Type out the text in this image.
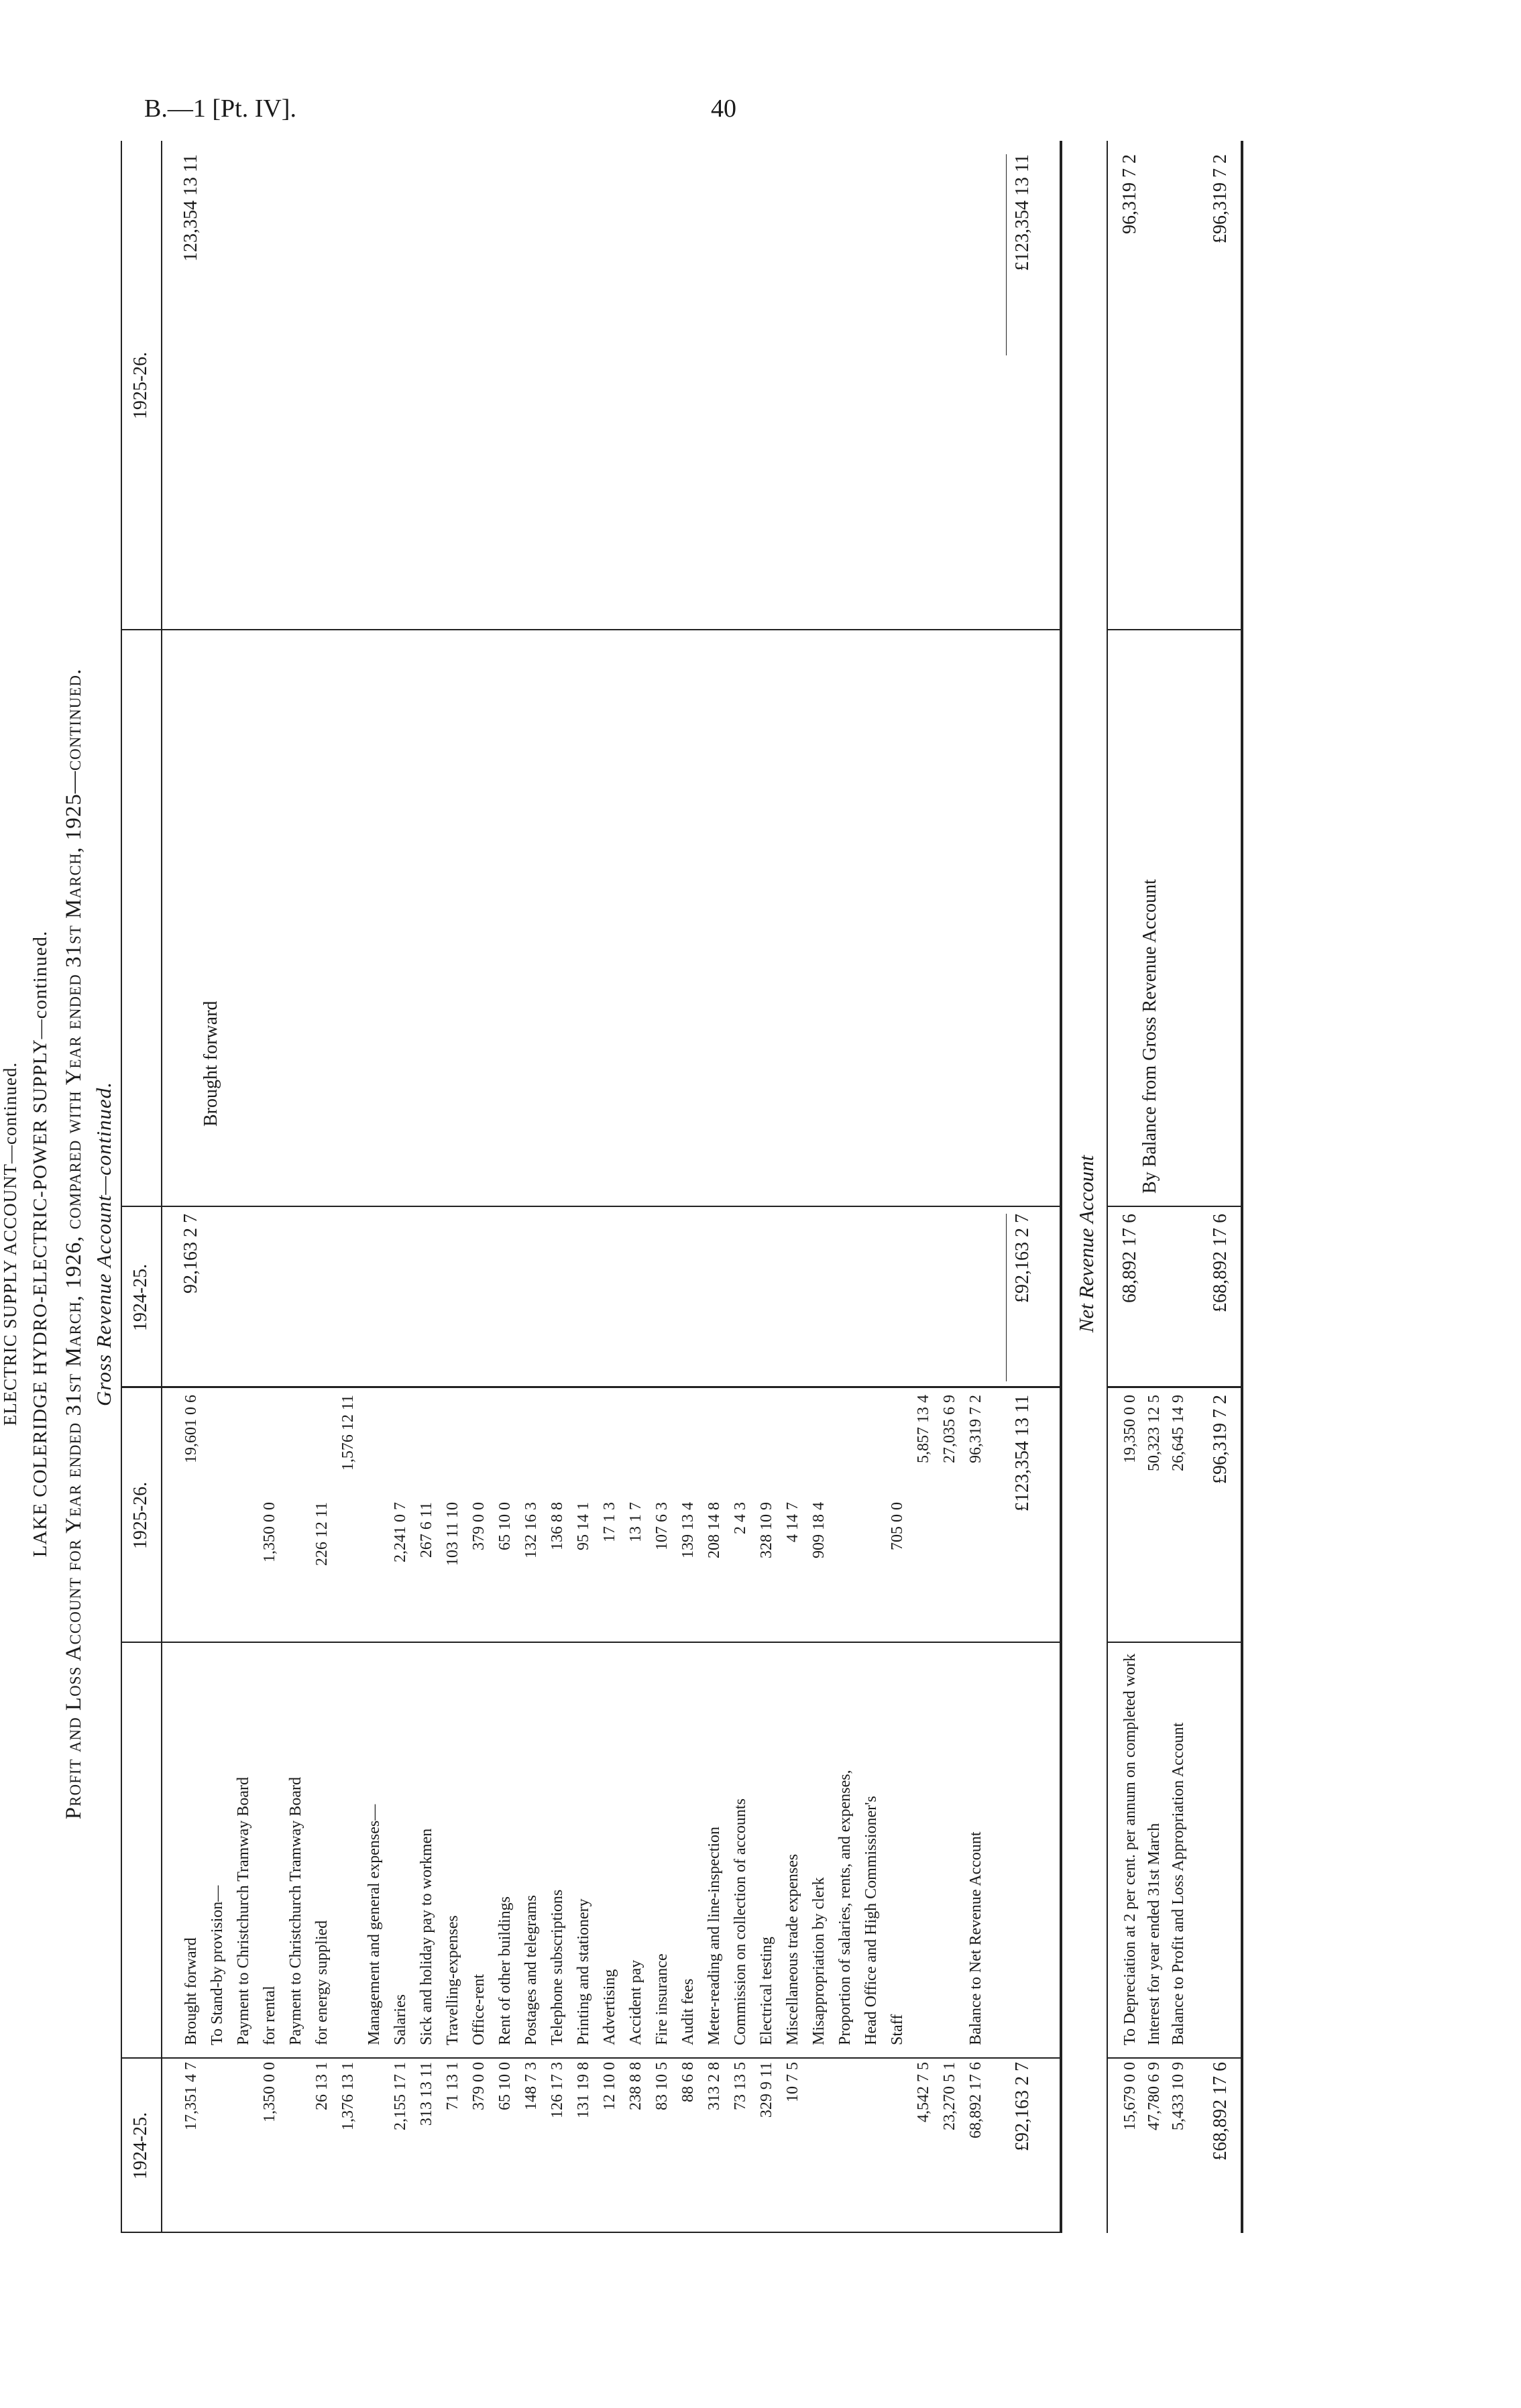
B.—1 [Pt. IV].	40
ELECTRIC SUPPLY ACCOUNT—continued. LAKE COLERIDGE HYDRO-ELECTRIC-POWER SUPPLY—continued. Profit and Loss Account for Year ended 31st March, 1926, compared with Year ended 31st March, 1925—continued. Gross Revenue Account—continued.
1924-25.
1925-26.
1924-25.
1925-26.
17,351 4 7
Brought forward
19,601 0 6
To Stand-by provision— Payment to Christchurch Tramway Board
1,350 0 0
for rental
1,350 0 0
Payment to Christchurch Tramway Board
26 13 1
for energy supplied
226 12 11
1,376 13 1
1,576 12 11
Management and general expenses—
2,155 17 1
Salaries
2,241 0 7
313 13 11
Sick and holiday pay to workmen
267 6 11
71 13 1
Travelling-expenses
103 11 10
379 0 0
Office-rent
379 0 0
65 10 0
Rent of other buildings
65 10 0
148 7 3
Postages and telegrams
132 16 3
126 17 3
Telephone subscriptions
136 8 8
131 19 8
Printing and stationery
95 14 1
12 10 0
Advertising
17 1 3
238 8 8
Accident pay
13 1 7
83 10 5
Fire insurance
107 6 3
88 6 8
Audit fees
139 13 4
313 2 8
Meter-reading and line-inspection
208 14 8
73 13 5
Commission on collection of accounts
2 4 3
329 9 11
Electrical testing
328 10 9
10 7 5
Miscellaneous trade expenses
4 14 7
Misappropriation by clerk
909 18 4
Proportion of salaries, rents, and expenses, Head Office and High Commissioner's Staff
705 0 0
4,542 7 5
5,857 13 4
23,270 5 1
27,035 6 9
68,892 17 6
Balance to Net Revenue Account
96,319 7 2
92,163 2 7
Brought forward
123,354 13 11
£92,163 2 7
£123,354 13 11
£92,163 2 7
£123,354 13 11
Net Revenue Account
15,679 0 0
To Depreciation at 2 per cent. per annum on completed work
19,350 0 0
47,780 6 9
Interest for year ended 31st March
50,323 12 5
5,433 10 9
Balance to Profit and Loss Appropriation Account
26,645 14 9
£68,892 17 6
£96,319 7 2
68,892 17 6
By Balance from Gross Revenue Account
96,319 7 2
£68,892 17 6
£96,319 7 2
